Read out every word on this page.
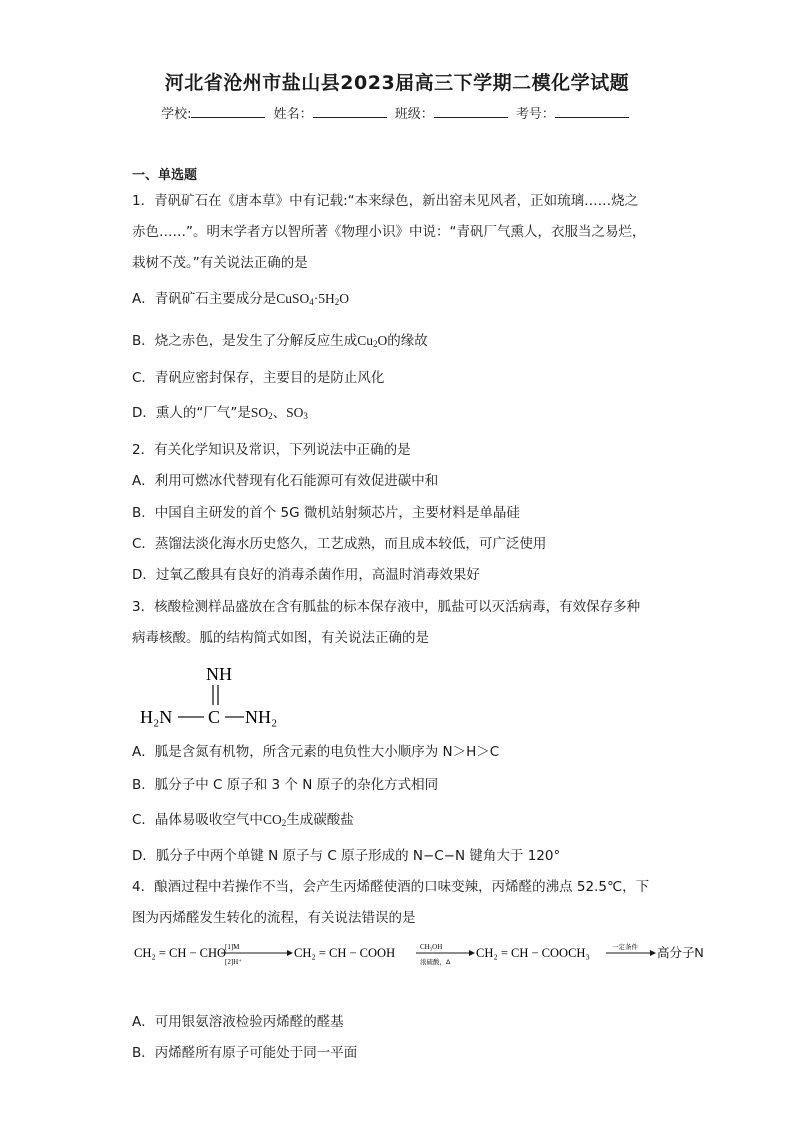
河北省沧州市盐山县2023届高三下学期二模化学试题
学校:	姓名：	班级：	考号：
一、单选题
1．青矾矿石在《唐本草》中有记载:“本来绿色，新出窑未见风者，正如琉璃……烧之
赤色……”。明末学者方以智所著《物理小识》中说：“青矾厂气熏人，衣服当之易烂，
栽树不茂。”有关说法正确的是
A．青矾矿石主要成分是$CuSO_4\cdot 5H_2O$
B．烧之赤色，是发生了分解反应生成$Cu_2O$的缘故
C．青矾应密封保存，主要目的是防止风化
D．熏人的“厂气”是$SO_2$、$SO_3$
2．有关化学知识及常识，下列说法中正确的是
A．利用可燃冰代替现有化石能源可有效促进碳中和
B．中国自主研发的首个 5G 微机站射频芯片，主要材料是单晶硅
C．蒸馏法淡化海水历史悠久，工艺成熟，而且成本较低，可广泛使用
D．过氧乙酸具有良好的消毒杀菌作用，高温时消毒效果好
3．核酸检测样品盛放在含有胍盐的标本保存液中，胍盐可以灭活病毒，有效保存多种
病毒核酸。胍的结构简式如图，有关说法正确的是
NH
C
H₂N	NH₂
A．胍是含氮有机物，所含元素的电负性大小顺序为 N＞H＞C
B．胍分子中 C 原子和 3 个 N 原子的杂化方式相同
C．晶体易吸收空气中$CO_2$生成碳酸盐
D．胍分子中两个单键 N 原子与 C 原子形成的 N−C−N 键角大于 120°
4．酿酒过程中若操作不当，会产生丙烯醛使酒的口味变辣，丙烯醛的沸点 52.5℃，下
图为丙烯醛发生转化的流程，有关说法错误的是
CH₂ = CH − CHO
[1]M
[2]H⁺
CH₂ = CH − COOH	CH₃OH
浓硫酸，Δ
CH₂ = CH − COOCH₃	一定条件 高分子N
A．可用银氨溶液检验丙烯醛的醛基
B．丙烯醛所有原子可能处于同一平面
